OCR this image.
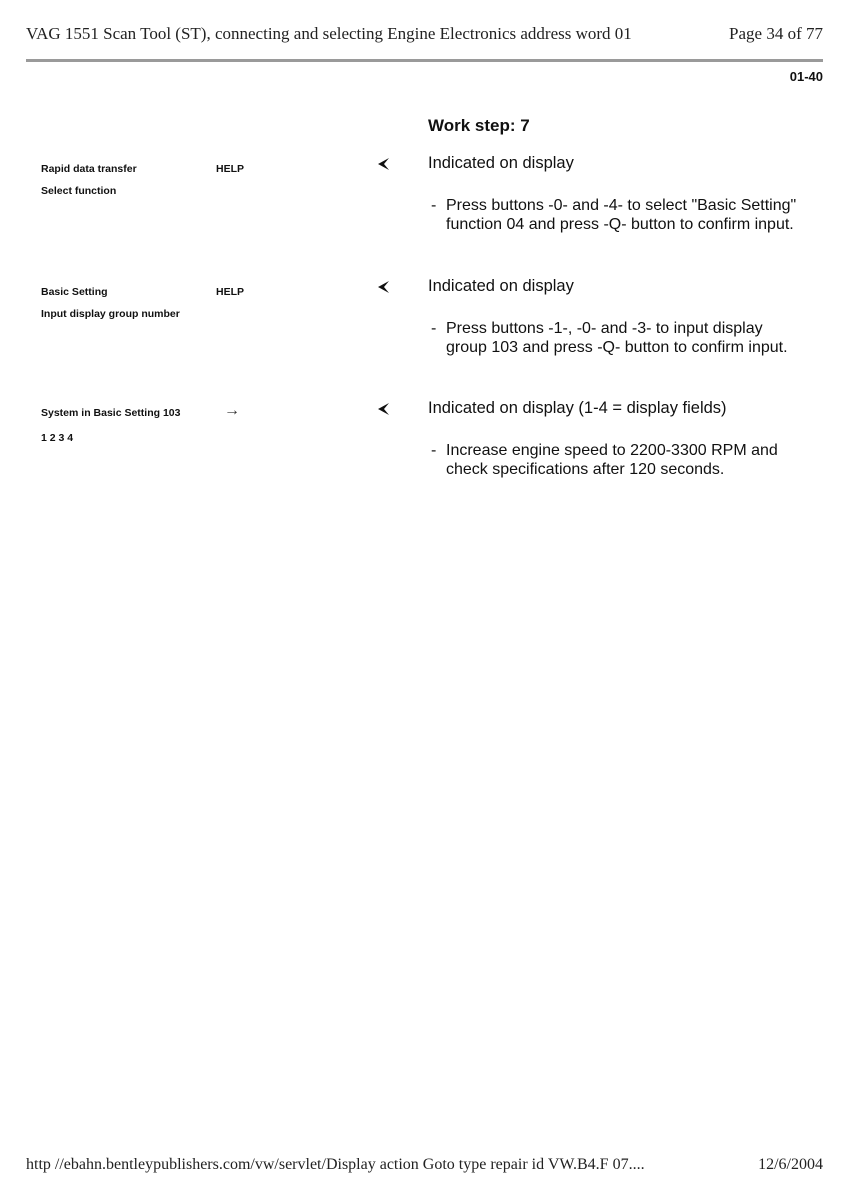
VAG 1551 Scan Tool (ST), connecting and selecting Engine Electronics address word 01	Page 34 of 77
01-40
Work step: 7
Rapid data transfer	HELP
Select function
Indicated on display
- Press buttons -0- and -4- to select "Basic Setting" function 04 and press -Q- button to confirm input.
Basic Setting	HELP
Input display group number
Indicated on display
- Press buttons -1-, -0- and -3- to input display group 103 and press -Q- button to confirm input.
System in Basic Setting 103	→
1 2 3 4
Indicated on display (1-4 = display fields)
- Increase engine speed to 2200-3300 RPM and check specifications after 120 seconds.
http //ebahn.bentleypublishers.com/vw/servlet/Display action Goto type repair id VW.B4.F 07....	12/6/2004
